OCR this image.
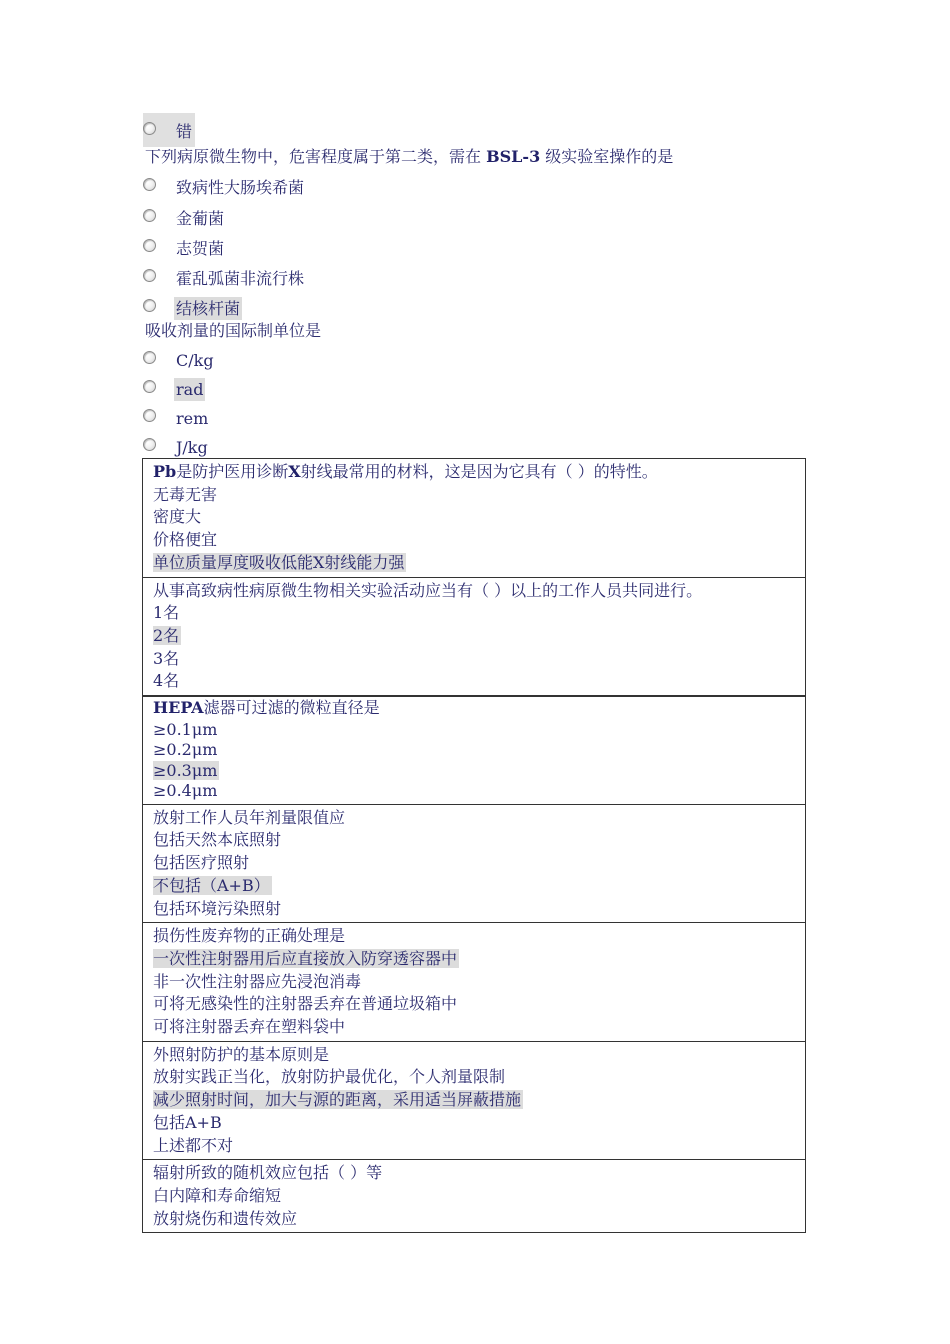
错
下列病原微生物中，危害程度属于第二类，需在 BSL-3 级实验室操作的是
致病性大肠埃希菌
金葡菌
志贺菌
霍乱弧菌非流行株
结核杆菌
吸收剂量的国际制单位是
C/kg
rad
rem
J/kg
Pb是防护医用诊断X射线最常用的材料，这是因为它具有（ ）的特性。
无毒无害
密度大
价格便宜
单位质量厚度吸收低能X射线能力强
从事高致病性病原微生物相关实验活动应当有（ ）以上的工作人员共同进行。
1名
2名
3名
4名
HEPA滤器可过滤的微粒直径是
≥0.1μm
≥0.2μm
≥0.3μm
≥0.4μm
放射工作人员年剂量限值应
包括天然本底照射
包括医疗照射
不包括（A+B）
包括环境污染照射
损伤性废弃物的正确处理是
一次性注射器用后应直接放入防穿透容器中
非一次性注射器应先浸泡消毒
可将无感染性的注射器丢弃在普通垃圾箱中
可将注射器丢弃在塑料袋中
外照射防护的基本原则是
放射实践正当化，放射防护最优化，个人剂量限制
减少照射时间，加大与源的距离，采用适当屏蔽措施
包括A+B
上述都不对
辐射所致的随机效应包括（ ）等
白内障和寿命缩短
放射烧伤和遗传效应
